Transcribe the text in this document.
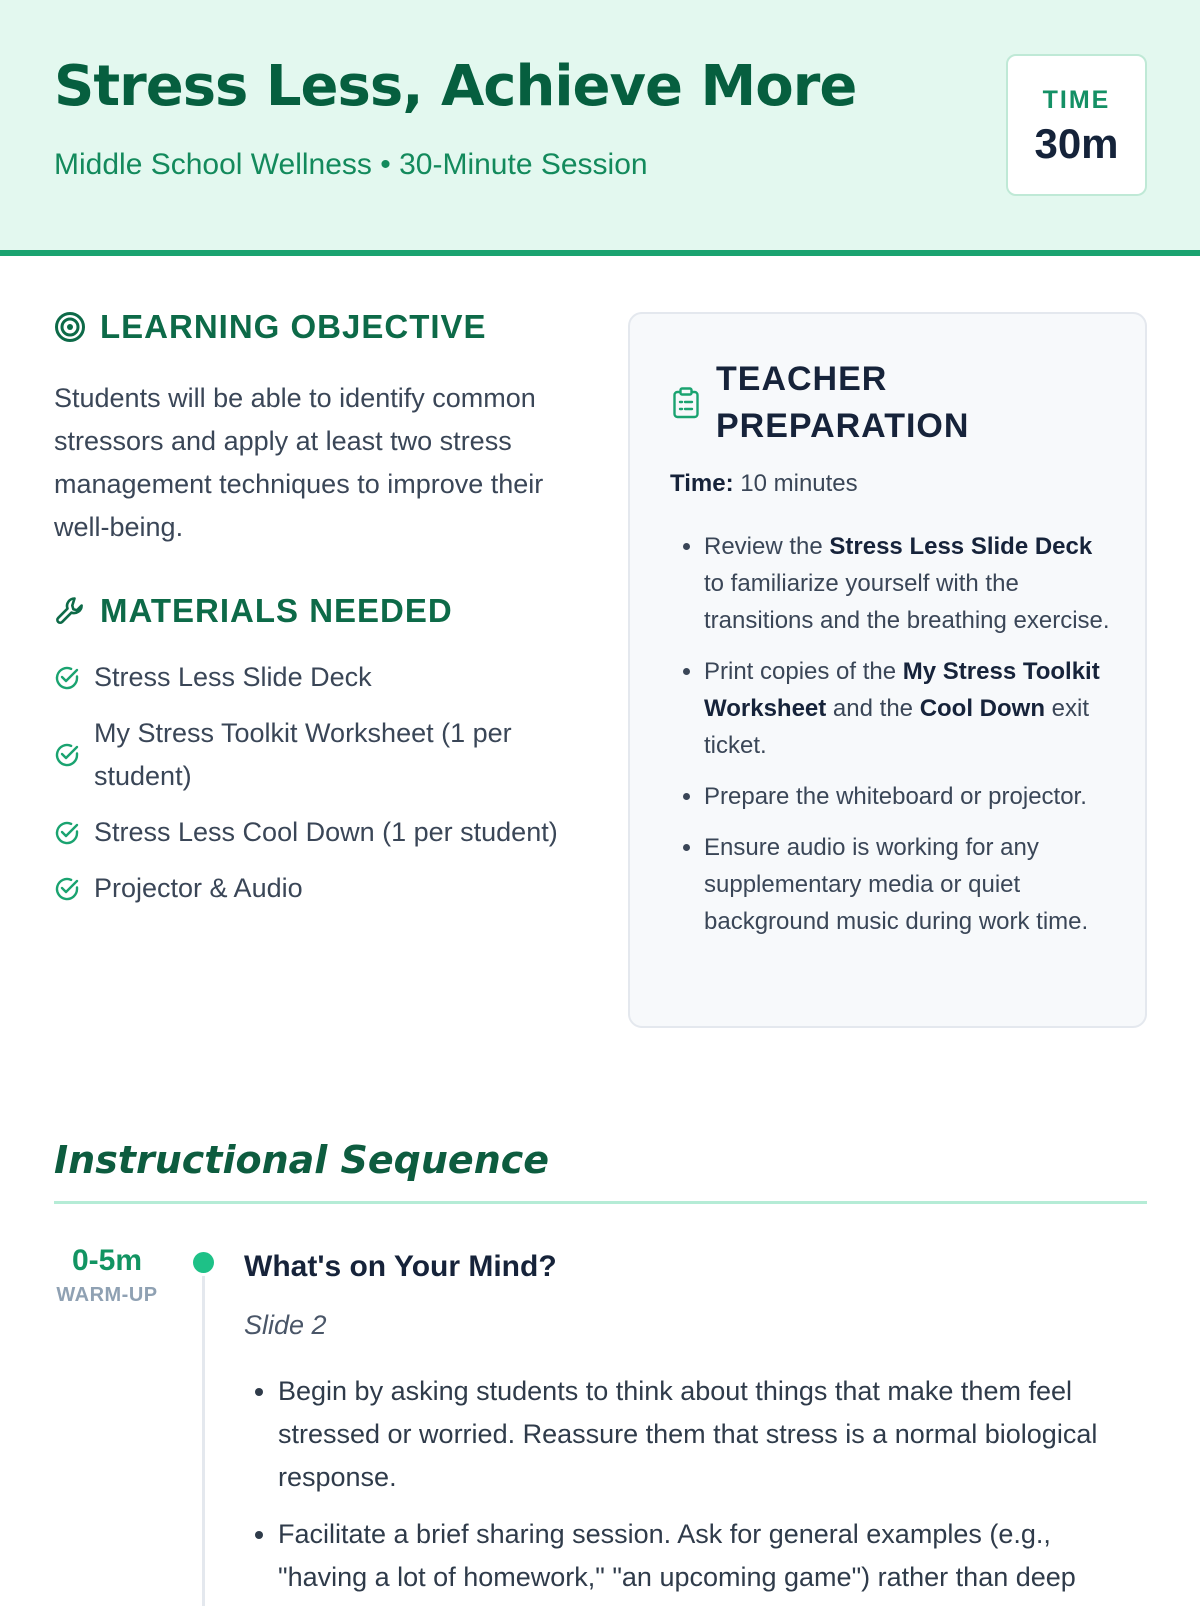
Stress Less, Achieve More
Middle School Wellness • 30-Minute Session
TIME
30m
LEARNING OBJECTIVE

Students will be able to identify common stressors and apply at least two stress management techniques to improve their well-being.

MATERIALS NEEDED
Stress Less Slide Deck
My Stress Toolkit Worksheet (1 per student)
Stress Less Cool Down (1 per student)
Projector & Audio
TEACHER PREPARATION
Time: 10 minutes
• Review the Stress Less Slide Deck to familiarize yourself with the transitions and the breathing exercise.
• Print copies of the My Stress Toolkit Worksheet and the Cool Down exit ticket.
• Prepare the whiteboard or projector.
• Ensure audio is working for any supplementary media or quiet background music during work time.
Instructional Sequence
0-5m
WARM-UP
What's on Your Mind?
Slide 2
• Begin by asking students to think about things that make them feel stressed or worried. Reassure them that stress is a normal biological response.
• Facilitate a brief sharing session. Ask for general examples (e.g., "having a lot of homework," "an upcoming game") rather than deep
